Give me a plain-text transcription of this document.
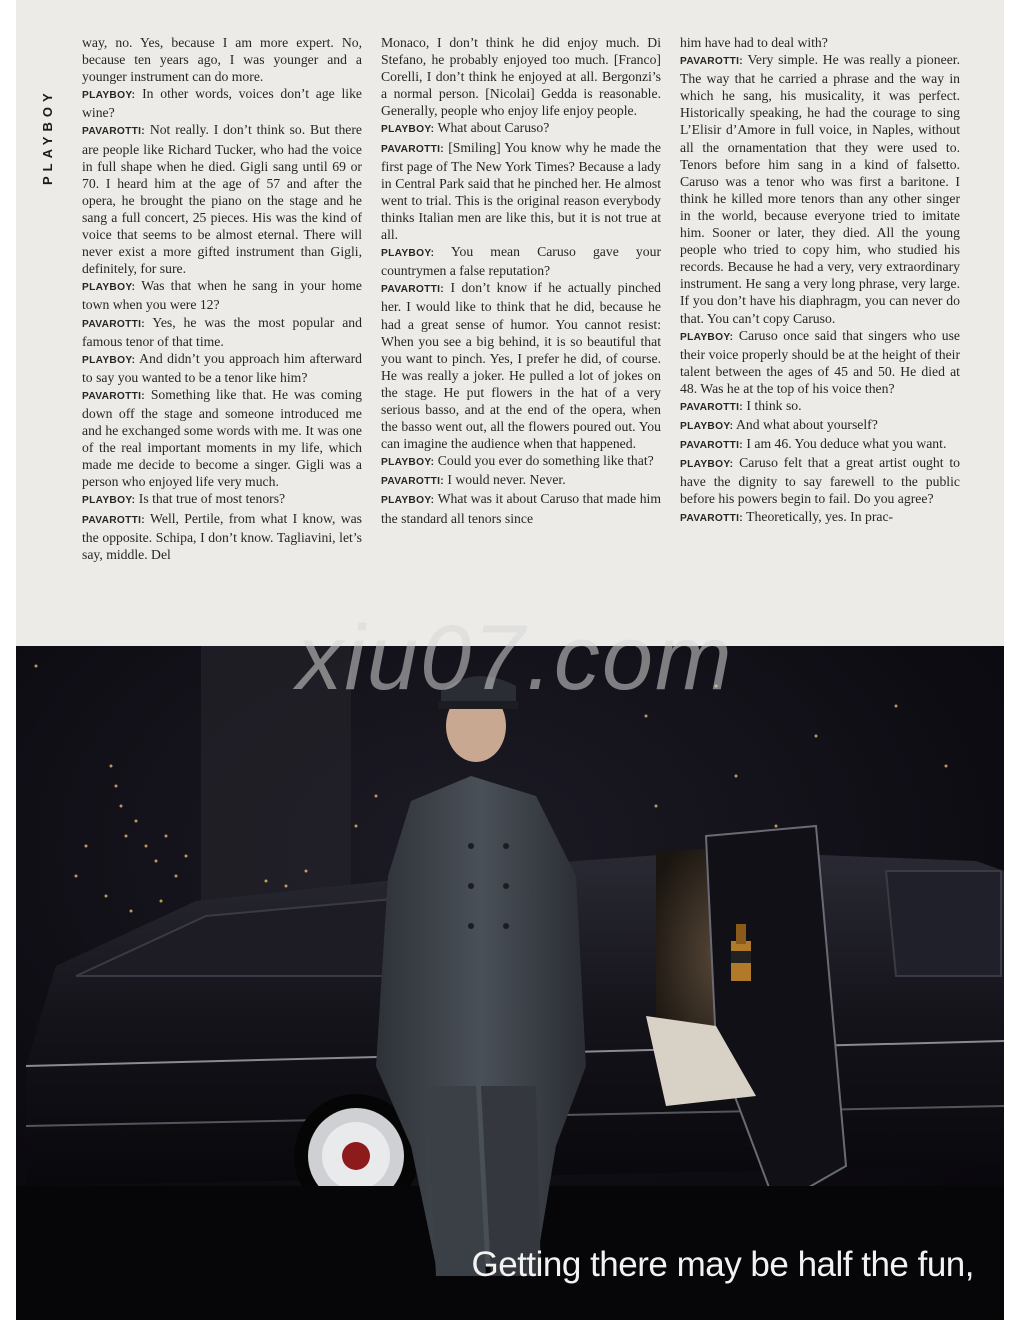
PLAYBOY

way, no. Yes, because I am more expert. No, because ten years ago, I was younger and a younger instrument can do more.

PLAYBOY: In other words, voices don’t age like wine?

PAVAROTTI: Not really. I don’t think so. But there are people like Richard Tucker, who had the voice in full shape when he died. Gigli sang until 69 or 70. I heard him at the age of 57 and after the opera, he brought the piano on the stage and he sang a full concert, 25 pieces. His was the kind of voice that seems to be almost eternal. There will never exist a more gifted instrument than Gigli, definitely, for sure.

PLAYBOY: Was that when he sang in your home town when you were 12?

PAVAROTTI: Yes, he was the most popular and famous tenor of that time.

PLAYBOY: And didn’t you approach him afterward to say you wanted to be a tenor like him?

PAVAROTTI: Something like that. He was coming down off the stage and someone introduced me and he exchanged some words with me. It was one of the real important moments in my life, which made me decide to become a singer. Gigli was a person who enjoyed life very much.

PLAYBOY: Is that true of most tenors?

PAVAROTTI: Well, Pertile, from what I know, was the opposite. Schipa, I don’t know. Tagliavini, let’s say, middle. Del

Monaco, I don’t think he did enjoy much. Di Stefano, he probably enjoyed too much. [Franco] Corelli, I don’t think he enjoyed at all. Bergonzi’s a normal person. [Nicolai] Gedda is reasonable. Generally, people who enjoy life enjoy people.

PLAYBOY: What about Caruso?

PAVAROTTI: [Smiling] You know why he made the first page of The New York Times? Because a lady in Central Park said that he pinched her. He almost went to trial. This is the original reason everybody thinks Italian men are like this, but it is not true at all.

PLAYBOY: You mean Caruso gave your countrymen a false reputation?

PAVAROTTI: I don’t know if he actually pinched her. I would like to think that he did, because he had a great sense of humor. You cannot resist: When you see a big behind, it is so beautiful that you want to pinch. Yes, I prefer he did, of course. He was really a joker. He pulled a lot of jokes on the stage. He put flowers in the hat of a very serious basso, and at the end of the opera, when the basso went out, all the flowers poured out. You can imagine the audience when that happened.

PLAYBOY: Could you ever do something like that?

PAVAROTTI: I would never. Never.

PLAYBOY: What was it about Caruso that made him the standard all tenors since

him have had to deal with?

PAVAROTTI: Very simple. He was really a pioneer. The way that he carried a phrase and the way in which he sang, his musicality, it was perfect. Historically speaking, he had the courage to sing L’Elisir d’Amore in full voice, in Naples, without all the ornamentation that they were used to. Tenors before him sang in a kind of falsetto. Caruso was a tenor who was first a baritone. I think he killed more tenors than any other singer in the world, because everyone tried to imitate him. Sooner or later, they died. All the young people who tried to copy him, who studied his records. Because he had a very, very extraordinary instrument. He sang a very long phrase, very large. If you don’t have his diaphragm, you can never do that. You can’t copy Caruso.

PLAYBOY: Caruso once said that singers who use their voice properly should be at the height of their talent between the ages of 45 and 50. He died at 48. Was he at the top of his voice then?

PAVAROTTI: I think so.

PLAYBOY: And what about yourself?

PAVAROTTI: I am 46. You deduce what you want.

PLAYBOY: Caruso felt that a great artist ought to have the dignity to say farewell to the public before his powers begin to fail. Do you agree?

PAVAROTTI: Theoretically, yes. In prac-

xiu07.com
Getting there may be half the fun,
